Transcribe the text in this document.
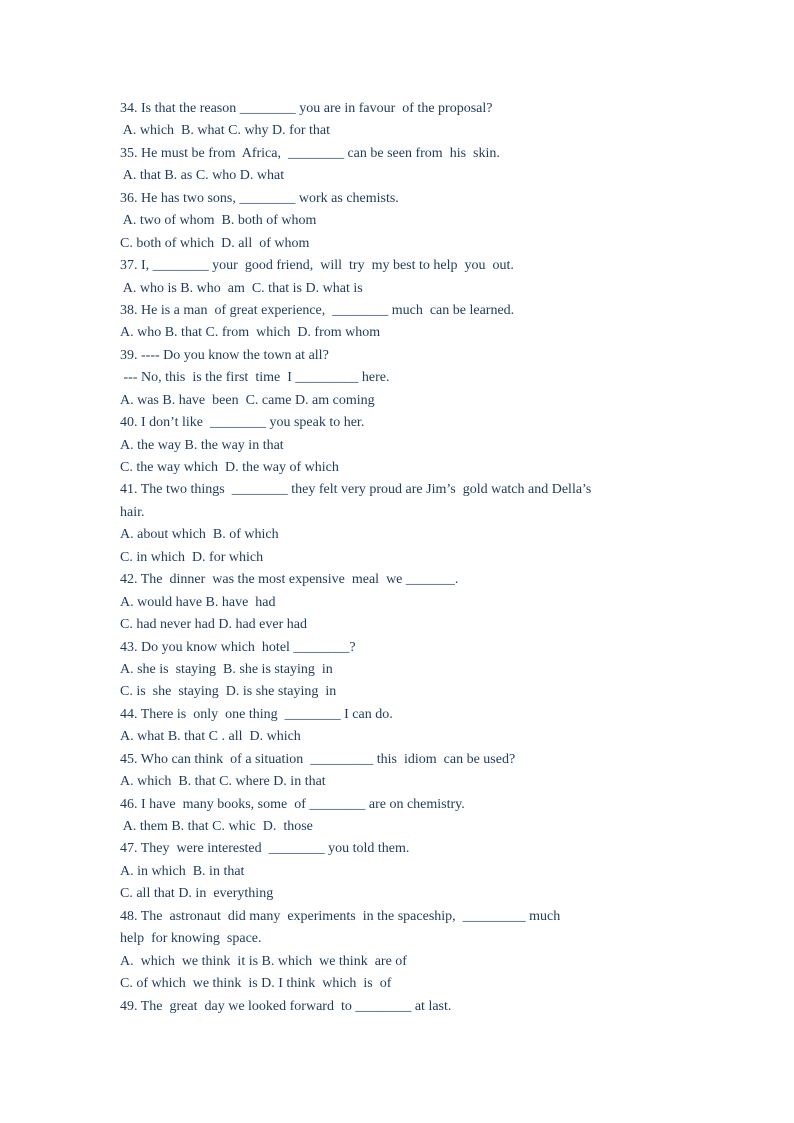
34. Is that the reason ________ you are in favour  of the proposal?
A. which  B. what C. why D. for that
35. He must be from  Africa,  ________ can be seen from  his  skin.
A. that B. as C. who D. what
36. He has two sons, ________ work as chemists.
A. two of whom  B. both of whom
C. both of which  D. all  of whom
37. I, ________ your  good friend,  will  try  my best to help  you  out.
A. who is B. who  am  C. that is D. what is
38. He is a man  of great experience,  ________ much  can be learned.
A. who B. that C. from  which  D. from whom
39. ---- Do you know the town at all?
--- No, this  is the first  time  I _________ here.
A. was B. have  been  C. came D. am coming
40. I don’t like  ________ you speak to her.
A. the way B. the way in that
C. the way which  D. the way of which
41. The two things  ________ they felt very proud are Jim’s  gold watch and Della’s
hair.
A. about which  B. of which
C. in which  D. for which
42. The  dinner  was the most expensive  meal  we _______.
A. would have B. have  had
C. had never had D. had ever had
43. Do you know which  hotel ________?
A. she is  staying  B. she is staying  in
C. is  she  staying  D. is she staying  in
44. There is  only  one thing  ________ I can do.
A. what B. that C . all  D. which
45. Who can think  of a situation  _________ this  idiom  can be used?
A. which  B. that C. where D. in that
46. I have  many books, some  of ________ are on chemistry.
A. them B. that C. whic  D.  those
47. They  were interested  ________ you told them.
A. in which  B. in that
C. all that D. in  everything
48. The  astronaut  did many  experiments  in the spaceship,  _________ much
help  for knowing  space.
A.  which  we think  it is B. which  we think  are of
C. of which  we think  is D. I think  which  is  of
49. The  great  day we looked forward  to ________ at last.
